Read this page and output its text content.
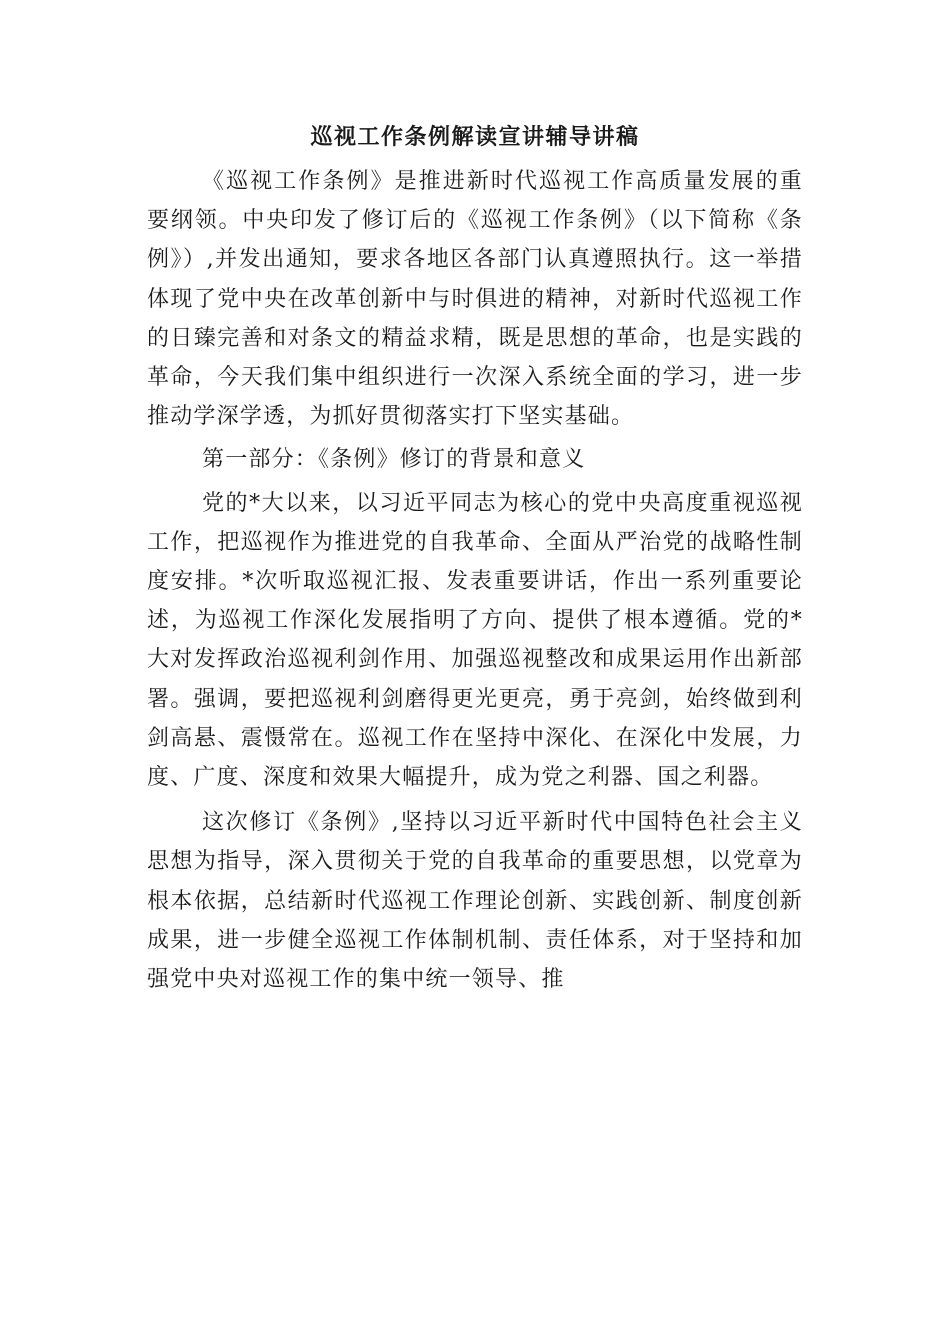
巡视工作条例解读宣讲辅导讲稿

《巡视工作条例》是推进新时代巡视工作高质量发展的重要纲领。中央印发了修订后的《巡视工作条例》（以下简称《条例》）,并发出通知，要求各地区各部门认真遵照执行。这一举措体现了党中央在改革创新中与时俱进的精神，对新时代巡视工作的日臻完善和对条文的精益求精，既是思想的革命，也是实践的革命，今天我们集中组织进行一次深入系统全面的学习，进一步推动学深学透，为抓好贯彻落实打下坚实基础。

第一部分：《条例》修订的背景和意义

党的*大以来，以习近平同志为核心的党中央高度重视巡视工作，把巡视作为推进党的自我革命、全面从严治党的战略性制度安排。*次听取巡视汇报、发表重要讲话，作出一系列重要论述，为巡视工作深化发展指明了方向、提供了根本遵循。党的*大对发挥政治巡视利剑作用、加强巡视整改和成果运用作出新部署。强调，要把巡视利剑磨得更光更亮，勇于亮剑，始终做到利剑高悬、震慑常在。巡视工作在坚持中深化、在深化中发展，力度、广度、深度和效果大幅提升，成为党之利器、国之利器。

这次修订《条例》,坚持以习近平新时代中国特色社会主义思想为指导，深入贯彻关于党的自我革命的重要思想，以党章为根本依据，总结新时代巡视工作理论创新、实践创新、制度创新成果，进一步健全巡视工作体制机制、责任体系，对于坚持和加强党中央对巡视工作的集中统一领导、推
